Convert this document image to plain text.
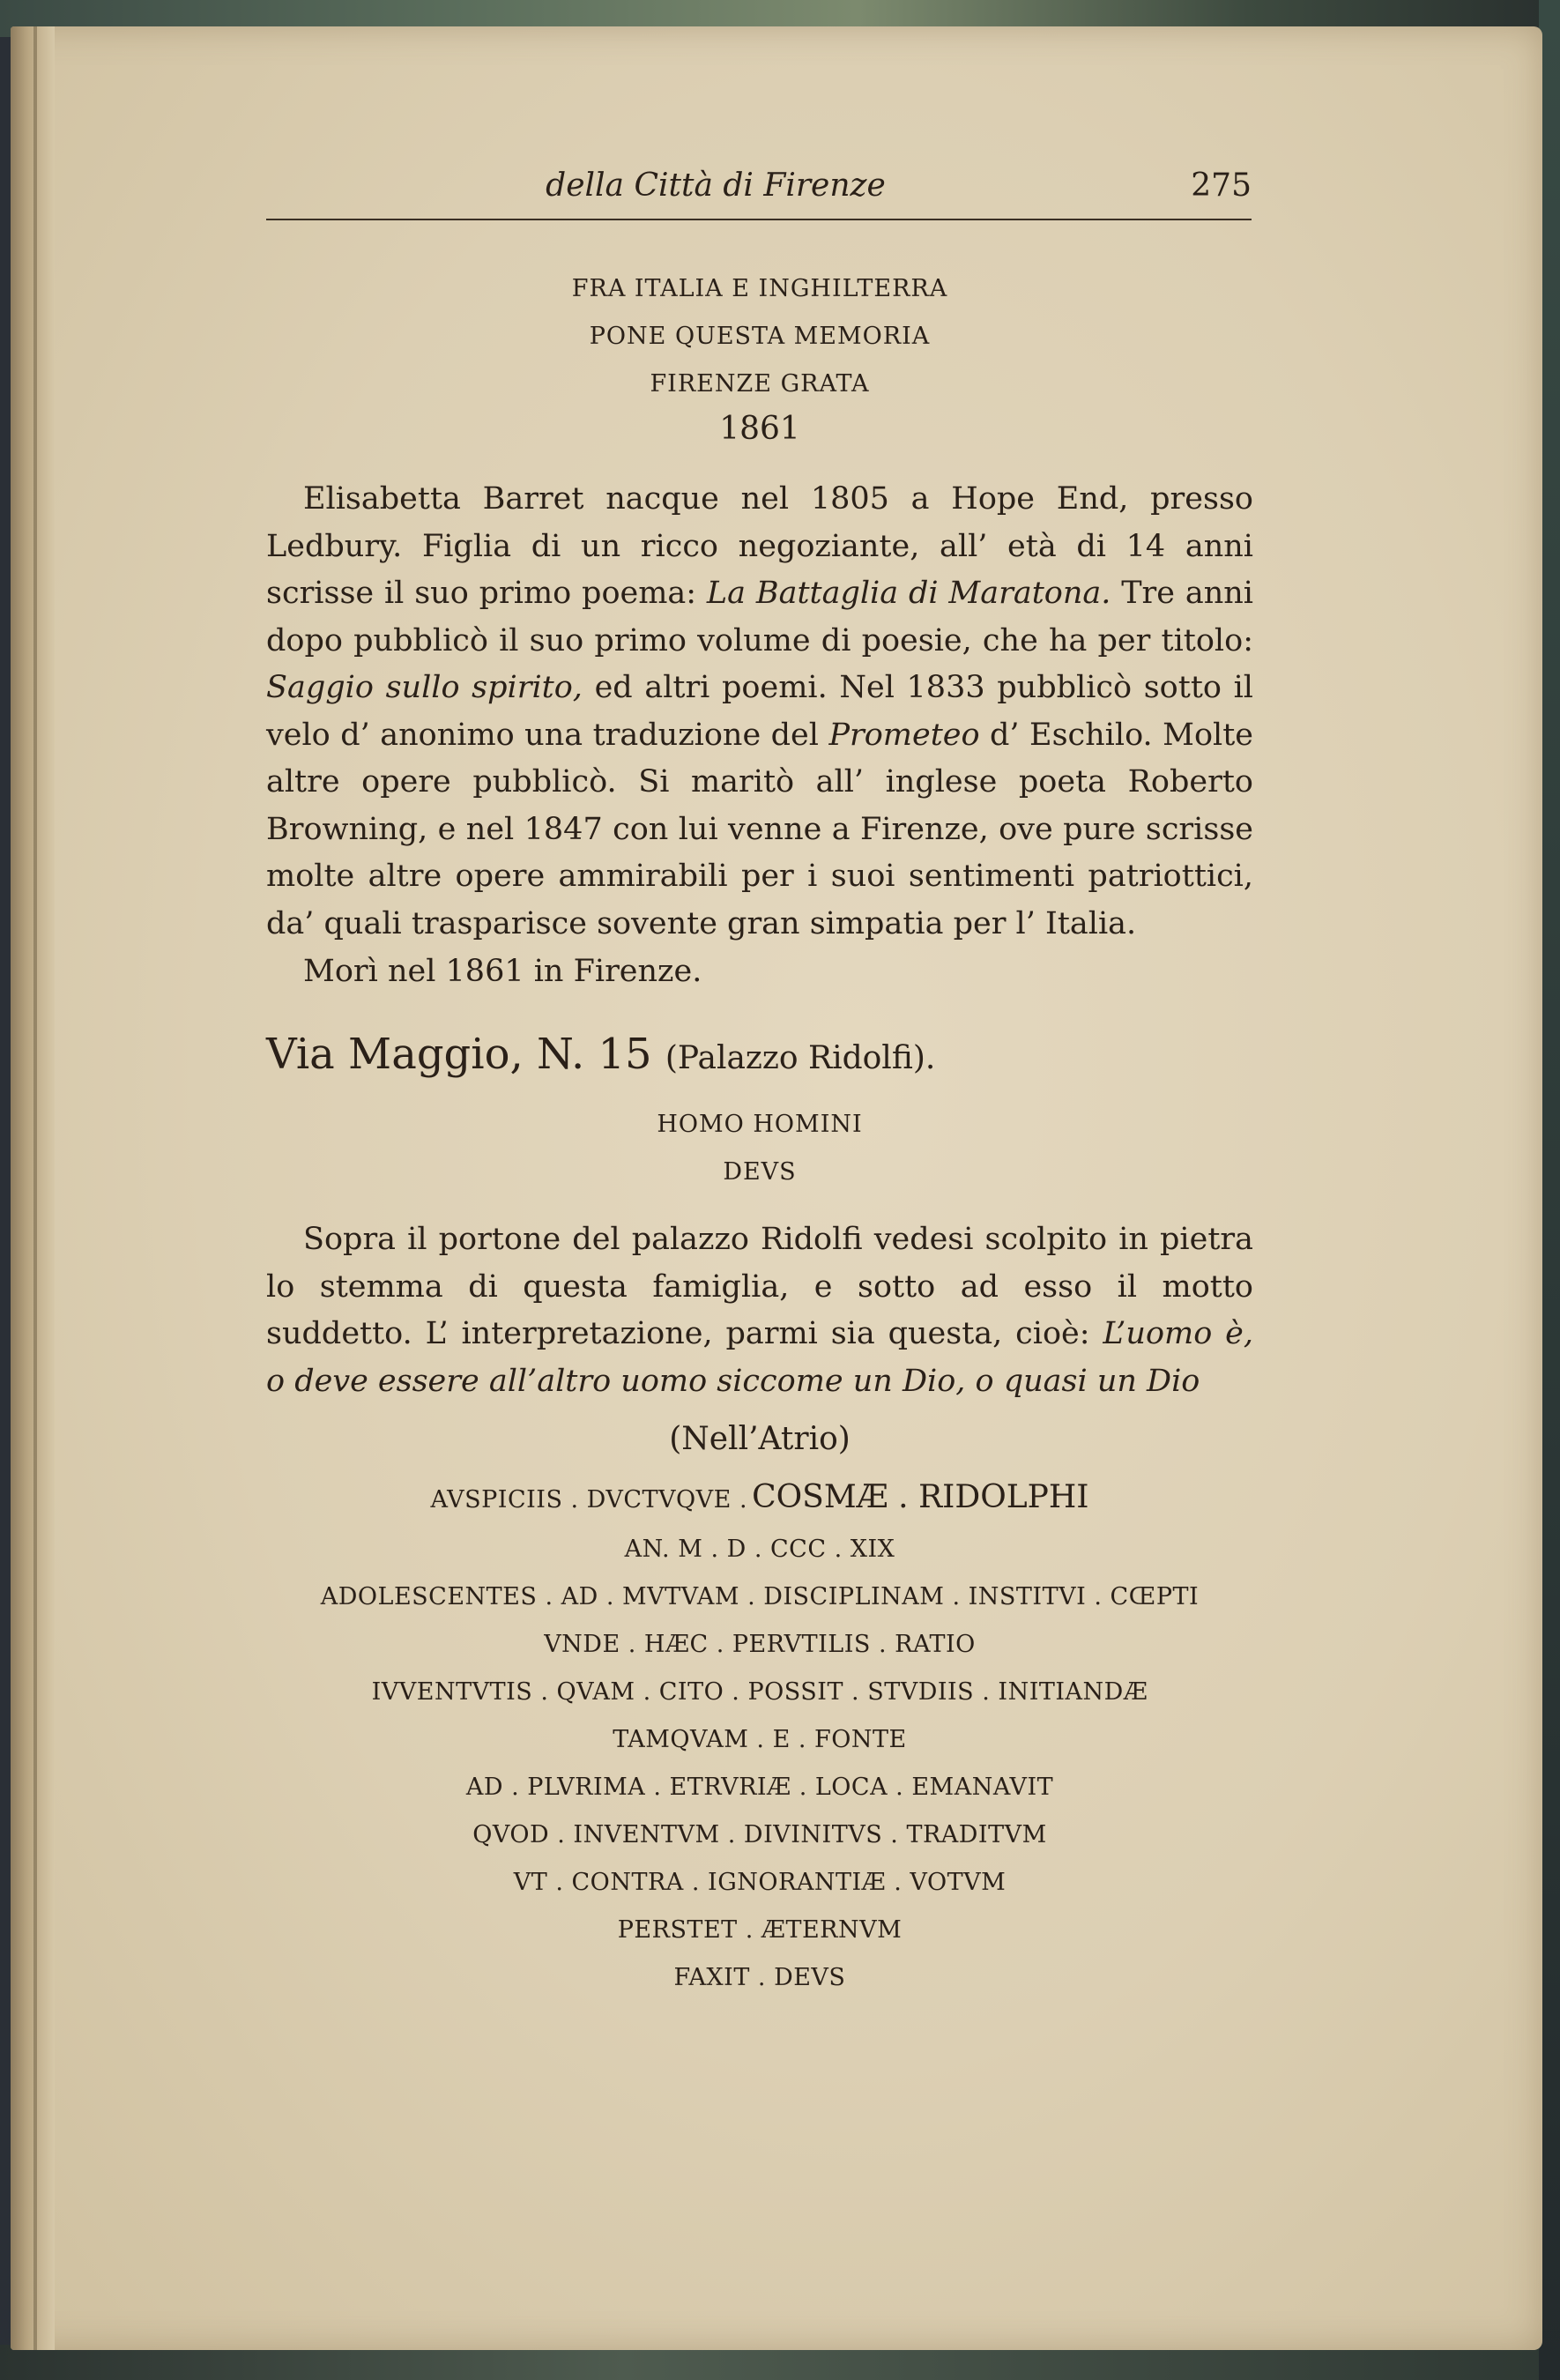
della Città di Firenze	275
FRA ITALIA E INGHILTERRA
PONE QUESTA MEMORIA
FIRENZE GRATA
1861

Elisabetta Barret nacque nel 1805 a Hope End, presso Ledbury. Figlia di un ricco negoziante, all’ età di 14 anni scrisse il suo primo poema: La Battaglia di Maratona. Tre anni dopo pubblicò il suo primo volume di poesie, che ha per titolo: Saggio sullo spirito, ed altri poemi. Nel 1833 pubblicò sotto il velo d’ anonimo una traduzione del Prometeo d’ Eschilo. Molte altre opere pubblicò. Si maritò all’ inglese poeta Roberto Browning, e nel 1847 con lui venne a Firenze, ove pure scrisse molte altre opere ammirabili per i suoi sentimenti patriottici, da’ quali trasparisce sovente gran simpatia per l’ Italia.

Morì nel 1861 in Firenze.

Via Maggio, N. 15 (Palazzo Ridolfi).
HOMO HOMINI
DEVS

Sopra il portone del palazzo Ridolfi vedesi scolpito in pietra lo stemma di questa famiglia, e sotto ad esso il motto suddetto. L’ interpretazione, parmi sia questa, cioè: L’uomo è, o deve essere all’altro uomo siccome un Dio, o quasi un Dio

(Nell’Atrio)
AVSPICIIS . DVCTVQVE . COSMÆ . RIDOLPHI
AN. M . D . CCC . XIX
ADOLESCENTES . AD . MVTVAM . DISCIPLINAM . INSTITVI . CŒPTI
VNDE . HÆC . PERVTILIS . RATIO
IVVENTVTIS . QVAM . CITO . POSSIT . STVDIIS . INITIANDÆ
TAMQVAM . E . FONTE
AD . PLVRIMA . ETRVRIÆ . LOCA . EMANAVIT
QVOD . INVENTVM . DIVINITVS . TRADITVM
VT . CONTRA . IGNORANTIÆ . VOTVM
PERSTET . ÆTERNVM
FAXIT . DEVS
